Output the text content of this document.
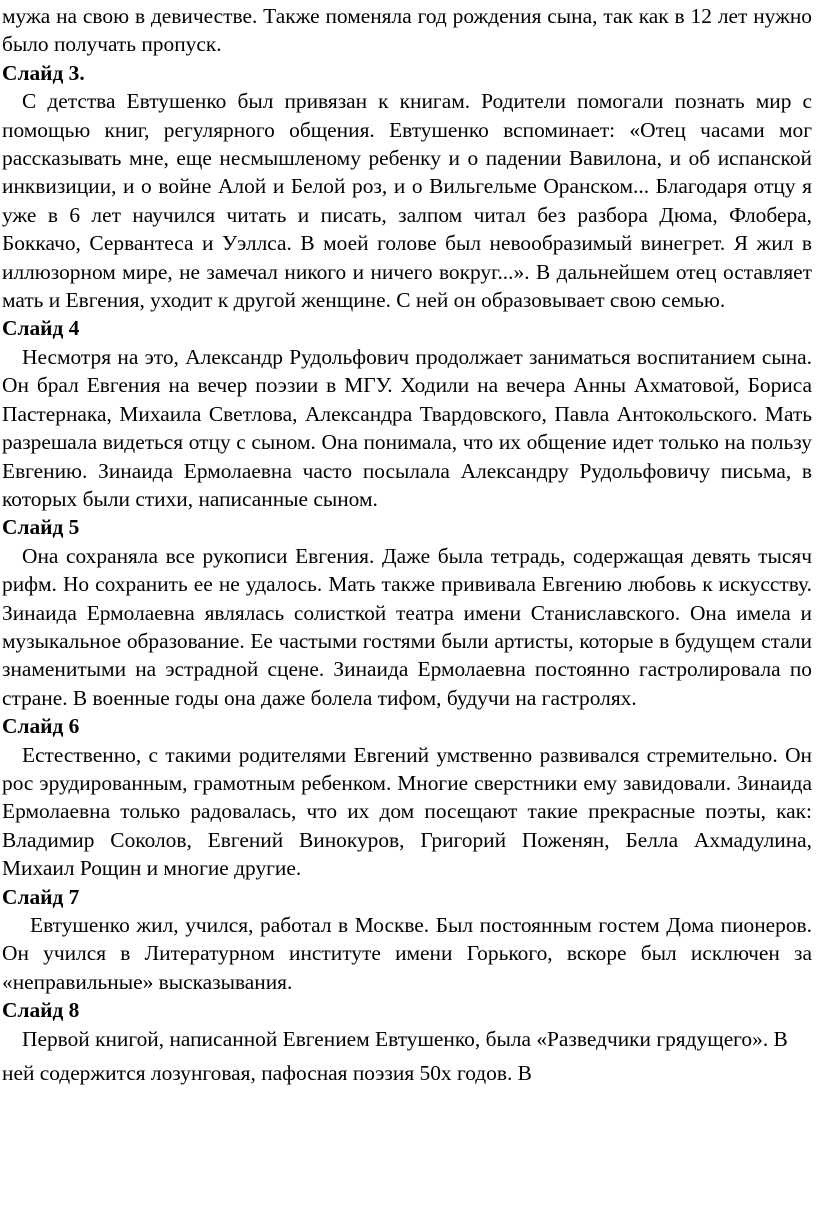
мужа на свою в девичестве. Также поменяла год рождения сына, так как в 12 лет нужно было получать пропуск.

Слайд 3.

С детства Евтушенко был привязан к книгам. Родители помогали познать мир с помощью книг, регулярного общения. Евтушенко вспоминает: «Отец часами мог рассказывать мне, еще несмышленому ребенку и о падении Вавилона, и об испанской инквизиции, и о войне Алой и Белой роз, и о Вильгельме Оранском... Благодаря отцу я уже в 6 лет научился читать и писать, залпом читал без разбора Дюма, Флобера, Боккачо, Сервантеса и Уэллса. В моей голове был невообразимый винегрет. Я жил в иллюзорном мире, не замечал никого и ничего вокруг...». В дальнейшем отец оставляет мать и Евгения, уходит к другой женщине. С ней он образовывает свою семью.

Слайд 4

Несмотря на это, Александр Рудольфович продолжает заниматься воспитанием сына. Он брал Евгения на вечер поэзии в МГУ. Ходили на вечера Анны Ахматовой, Бориса Пастернака, Михаила Светлова, Александра Твардовского, Павла Антокольского. Мать разрешала видеться отцу с сыном. Она понимала, что их общение идет только на пользу Евгению. Зинаида Ермолаевна часто посылала Александру Рудольфовичу письма, в которых были стихи, написанные сыном.

Слайд 5

Она сохраняла все рукописи Евгения. Даже была тетрадь, содержащая девять тысяч рифм. Но сохранить ее не удалось. Мать также прививала Евгению любовь к искусству. Зинаида Ермолаевна являлась солисткой театра имени Станиславского. Она имела и музыкальное образование. Ее частыми гостями были артисты, которые в будущем стали знаменитыми на эстрадной сцене. Зинаида Ермолаевна постоянно гастролировала по стране. В военные годы она даже болела тифом, будучи на гастролях.

Слайд 6

Естественно, с такими родителями Евгений умственно развивался стремительно. Он рос эрудированным, грамотным ребенком. Многие сверстники ему завидовали. Зинаида Ермолаевна только радовалась, что их дом посещают такие прекрасные поэты, как: Владимир Соколов, Евгений Винокуров, Григорий Поженян, Белла Ахмадулина, Михаил Рощин и многие другие.

Слайд 7

Евтушенко жил, учился, работал в Москве. Был постоянным гостем Дома пионеров. Он учился в Литературном институте имени Горького, вскоре был исключен за «неправильные» высказывания.

Слайд 8

Первой книгой, написанной Евгением Евтушенко, была «Разведчики грядущего». В ней содержится лозунговая, пафосная поэзия 50х годов. В
